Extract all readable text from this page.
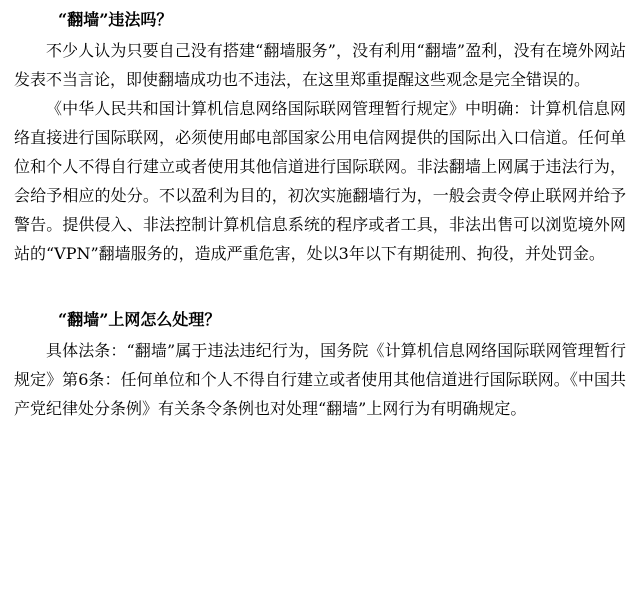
“翻墙”违法吗？

不少人认为只要自己没有搭建“翻墙服务”，没有利用“翻墙”盈利，没有在境外网站发表不当言论，即使翻墙成功也不违法，在这里郑重提醒这些观念是完全错误的。

《中华人民共和国计算机信息网络国际联网管理暂行规定》中明确：计算机信息网络直接进行国际联网，必须使用邮电部国家公用电信网提供的国际出入口信道。任何单位和个人不得自行建立或者使用其他信道进行国际联网。非法翻墙上网属于违法行为，会给予相应的处分。不以盈利为目的，初次实施翻墙行为，一般会责令停止联网并给予警告。提供侵入、非法控制计算机信息系统的程序或者工具，非法出售可以浏览境外网站的“VPN”翻墙服务的，造成严重危害，处以3年以下有期徒刑、拘役，并处罚金。

“翻墙”上网怎么处理？

具体法条：“翻墙”属于违法违纪行为，国务院《计算机信息网络国际联网管理暂行规定》第6条：任何单位和个人不得自行建立或者使用其他信道进行国际联网。《中国共产党纪律处分条例》有关条令条例也对处理“翻墙”上网行为有明确规定。
